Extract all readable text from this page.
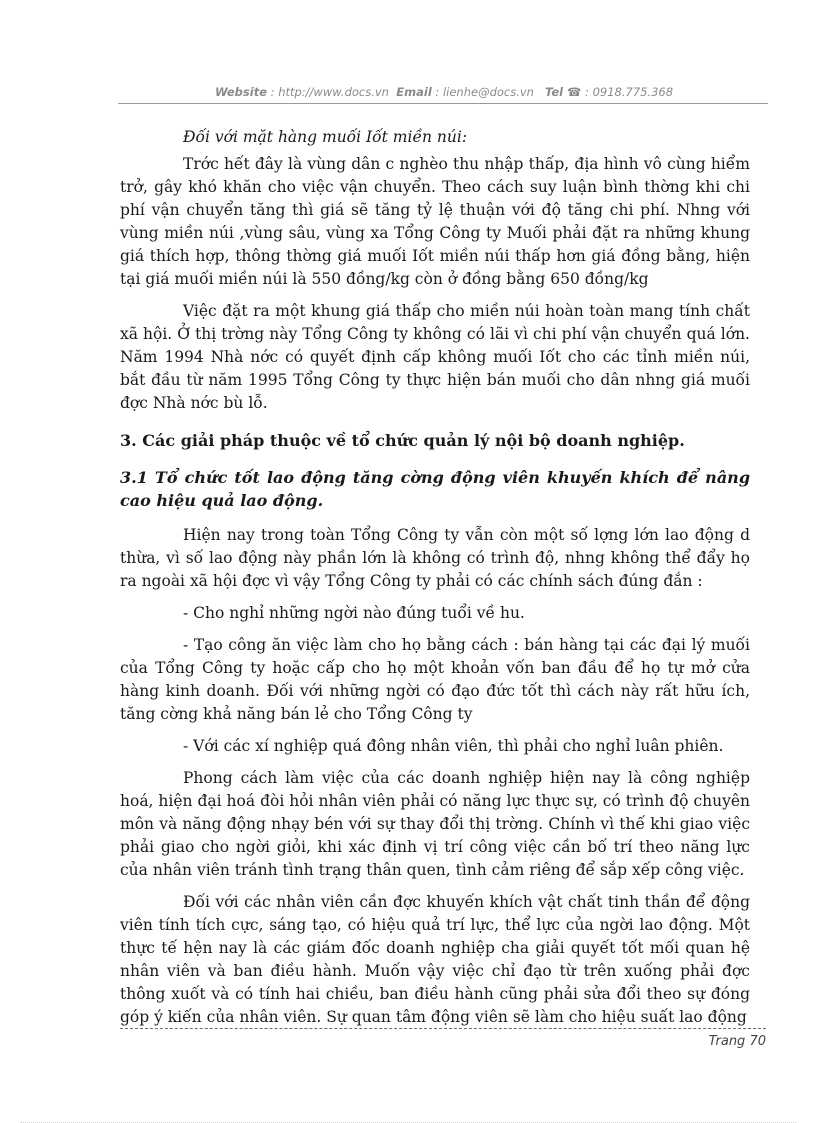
Website : http://www.docs.vn Email : lienhe@docs.vn Tel ☎ : 0918.775.368

Đối với mặt hàng muối Iốt miền núi:

Trớc hết đây là vùng dân c nghèo thu nhập thấp, địa hình vô cùng hiểm trở, gây khó khăn cho việc vận chuyển. Theo cách suy luận bình thờng khi chi phí vận chuyển tăng thì giá sẽ tăng tỷ lệ thuận với độ tăng chi phí. Nhng với vùng miền núi ,vùng sâu, vùng xa Tổng Công ty Muối phải đặt ra những khung giá thích hợp, thông thờng giá muối Iốt miền núi thấp hơn giá đồng bằng, hiện tại giá muối miền núi là 550 đồng/kg còn ở đồng bằng 650 đồng/kg

Việc đặt ra một khung giá thấp cho miền núi hoàn toàn mang tính chất xã hội. Ở thị trờng này Tổng Công ty không có lãi vì chi phí vận chuyển quá lớn. Năm 1994 Nhà nớc có quyết định cấp không muối Iốt cho các tỉnh miền núi, bắt đầu từ năm 1995 Tổng Công ty thực hiện bán muối cho dân nhng giá muối đợc Nhà nớc bù lỗ.

3. Các giải pháp thuộc về tổ chức quản lý nội bộ doanh nghiệp.

3.1 Tổ chức tốt lao động tăng cờng động viên khuyến khích để nâng cao hiệu quả lao động.

Hiện nay trong toàn Tổng Công ty vẫn còn một số lợng lớn lao động d thừa, vì số lao động này phần lớn là không có trình độ, nhng không thể đẩy họ ra ngoài xã hội đợc vì vậy Tổng Công ty phải có các chính sách đúng đắn :

- Cho nghỉ những ngời nào đúng tuổi về hu.

- Tạo công ăn việc làm cho họ bằng cách : bán hàng tại các đại lý muối của Tổng Công ty hoặc cấp cho họ một khoản vốn ban đầu để họ tự mở cửa hàng kinh doanh. Đối với những ngời có đạo đức tốt thì cách này rất hữu ích, tăng cờng khả năng bán lẻ cho Tổng Công ty

- Với các xí nghiệp quá đông nhân viên, thì phải cho nghỉ luân phiên.

Phong cách làm việc của các doanh nghiệp hiện nay là công nghiệp hoá, hiện đại hoá đòi hỏi nhân viên phải có năng lực thực sự, có trình độ chuyên môn và năng động nhạy bén với sự thay đổi thị trờng. Chính vì thế khi giao việc phải giao cho ngời giỏi, khi xác định vị trí công việc cần bố trí theo năng lực của nhân viên tránh tình trạng thân quen, tình cảm riêng để sắp xếp công việc.

Đối với các nhân viên cần đợc khuyến khích vật chất tinh thần để động viên tính tích cực, sáng tạo, có hiệu quả trí lực, thể lực của ngời lao động. Một thực tế hện nay là các giám đốc doanh nghiệp cha giải quyết tốt mối quan hệ nhân viên và ban điều hành. Muốn vậy việc chỉ đạo từ trên xuống phải đợc thông xuốt và có tính hai chiều, ban điều hành cũng phải sửa đổi theo sự đóng góp ý kiến của nhân viên. Sự quan tâm động viên sẽ làm cho hiệu suất lao động

Trang 70
